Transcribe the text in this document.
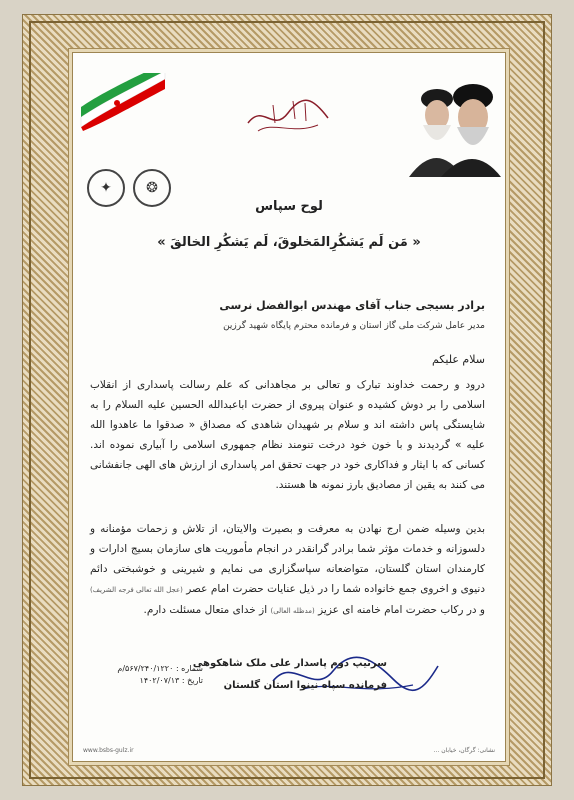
✦	❂
لوح سپاس
« مَن لَم یَشکُرِالمَخلوقَ، لَم یَشکُرِ الخالقَ »
برادر بسیجی جناب آقای مهندس ابوالفضل نرسی
مدیر عامل شرکت ملی گاز استان و فرمانده محترم پایگاه شهید گرزین
سلام علیکم
درود و رحمت خداوند تبارک و تعالی بر مجاهدانی که علم رسالت پاسداری از انقلاب اسلامی را بر دوش کشیده و عنوان پیروی از حضرت اباعبدالله الحسین علیه السلام را به شایستگی پاس داشته اند و سلام بر شهیدان شاهدی که مصداق « صدقوا ما عاهدوا الله علیه » گردیدند و با خون خود درخت تنومند نظام جمهوری اسلامی را آبیاری نموده اند. کسانی که با ایثار و فداکاری خود در جهت تحقق امر پاسداری از ارزش های الهی جانفشانی می کنند به یقین از مصادیق بارز نمونه ها هستند.
بدین وسیله ضمن ارج نهادن به معرفت و بصیرت والایتان، از تلاش و زحمات مؤمنانه و دلسوزانه و خدمات مؤثر شما برادر گرانقدر در انجام مأموریت های سازمان بسیج ادارات و کارمندان استان گلستان، متواضعانه سپاسگزاری می نمایم و شیرینی و خوشبختی دائم دنیوی و اخروی جمع خانواده شما را در ذیل عنایات حضرت امام عصر (عجل الله تعالی فرجه الشریف) و در رکاب حضرت امام خامنه ای عزیز (مدظله العالی) از خدای متعال مسئلت دارم.
سرتیپ دوم پاسدار علی ملک شاهکوهی
فرمانده سپاه نینوا استان گلستان
شماره : ۵۶۷/۲۴۰/۱۲۲۰/م
تاریخ : ۱۴۰۲/۰۷/۱۳
www.bsbs-gulz.ir	نشانی: گرگان، خیابان ...
